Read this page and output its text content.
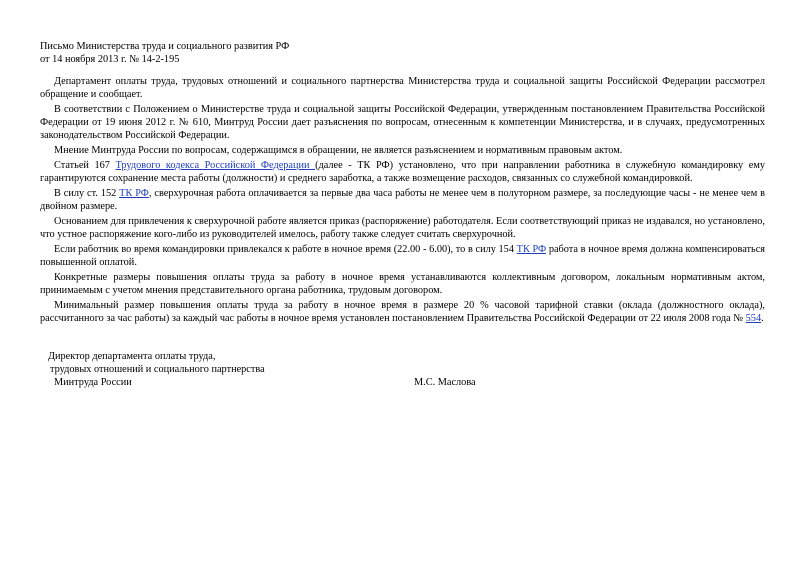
Письмо Министерства труда и социального развития РФ
от 14 ноября 2013 г. № 14-2-195

Департамент оплаты труда, трудовых отношений и социального партнерства Министерства труда и социальной защиты Российской Федерации рассмотрел обращение и сообщает.

В соответствии с Положением о Министерстве труда и социальной защиты Российской Федерации, утвержденным постановлением Правительства Российской Федерации от 19 июня 2012 г. № 610, Минтруд России дает разъяснения по вопросам, отнесенным к компетенции Министерства, и в случаях, предусмотренных законодательством Российской Федерации.

Мнение Минтруда России по вопросам, содержащимся в обращении, не является разъяснением и нормативным правовым актом.

Статьей 167 Трудового кодекса Российской Федерации (далее - ТК РФ) установлено, что при направлении работника в служебную командировку ему гарантируются сохранение места работы (должности) и среднего заработка, а также возмещение расходов, связанных со служебной командировкой.

В силу ст. 152 ТК РФ, сверхурочная работа оплачивается за первые два часа работы не менее чем в полуторном размере, за последующие часы - не менее чем в двойном размере.

Основанием для привлечения к сверхурочной работе является приказ (распоряжение) работодателя. Если соответствующий приказ не издавался, но установлено, что устное распоряжение кого-либо из руководителей имелось, работу также следует считать сверхурочной.

Если работник во время командировки привлекался к работе в ночное время (22.00 - 6.00), то в силу 154 ТК РФ работа в ночное время должна компенсироваться повышенной оплатой.

Конкретные размеры повышения оплаты труда за работу в ночное время устанавливаются коллективным договором, локальным нормативным актом, принимаемым с учетом мнения представительного органа работника, трудовым договором.

Минимальный размер повышения оплаты труда за работу в ночное время в размере 20 % часовой тарифной ставки (оклада (должностного оклада), рассчитанного за час работы) за каждый час работы в ночное время установлен постановлением Правительства Российской Федерации от 22 июля 2008 года № 554.

Директор департамента оплаты труда,
трудовых отношений и социального партнерства
Минтруда России	М.С. Маслова
